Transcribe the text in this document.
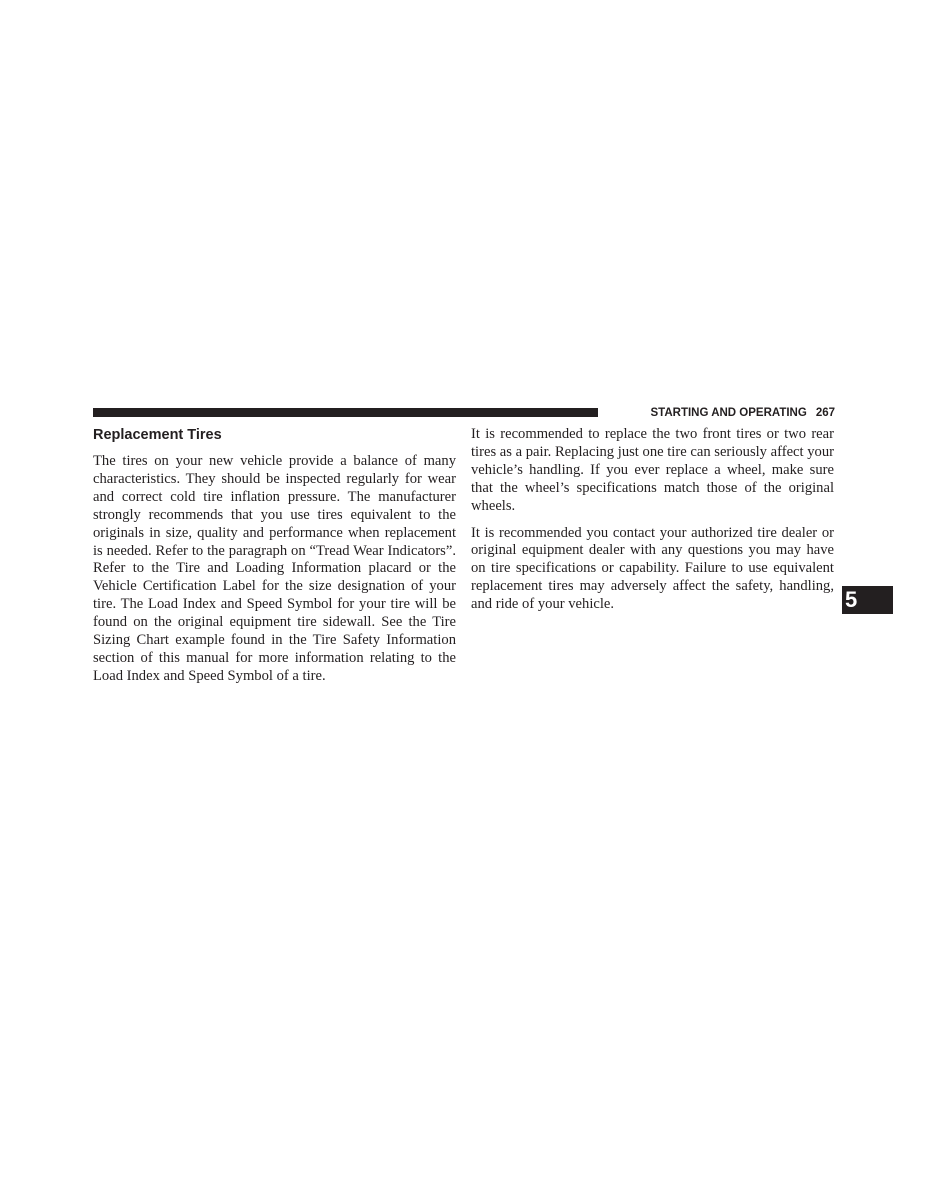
STARTING AND OPERATING 267
Replacement Tires

The tires on your new vehicle provide a balance of many characteristics. They should be inspected regularly for wear and correct cold tire inflation pressure. The manufacturer strongly recommends that you use tires equivalent to the originals in size, quality and performance when replacement is needed. Refer to the paragraph on “Tread Wear Indicators”. Refer to the Tire and Loading Information placard or the Vehicle Certification Label for the size designation of your tire. The Load Index and Speed Symbol for your tire will be found on the original equipment tire sidewall. See the Tire Sizing Chart example found in the Tire Safety Information section of this manual for more information relating to the Load Index and Speed Symbol of a tire.

It is recommended to replace the two front tires or two rear tires as a pair. Replacing just one tire can seriously affect your vehicle’s handling. If you ever replace a wheel, make sure that the wheel’s specifications match those of the original wheels.

It is recommended you contact your authorized tire dealer or original equipment dealer with any questions you may have on tire specifications or capability. Failure to use equivalent replacement tires may adversely affect the safety, handling, and ride of your vehicle.	5
